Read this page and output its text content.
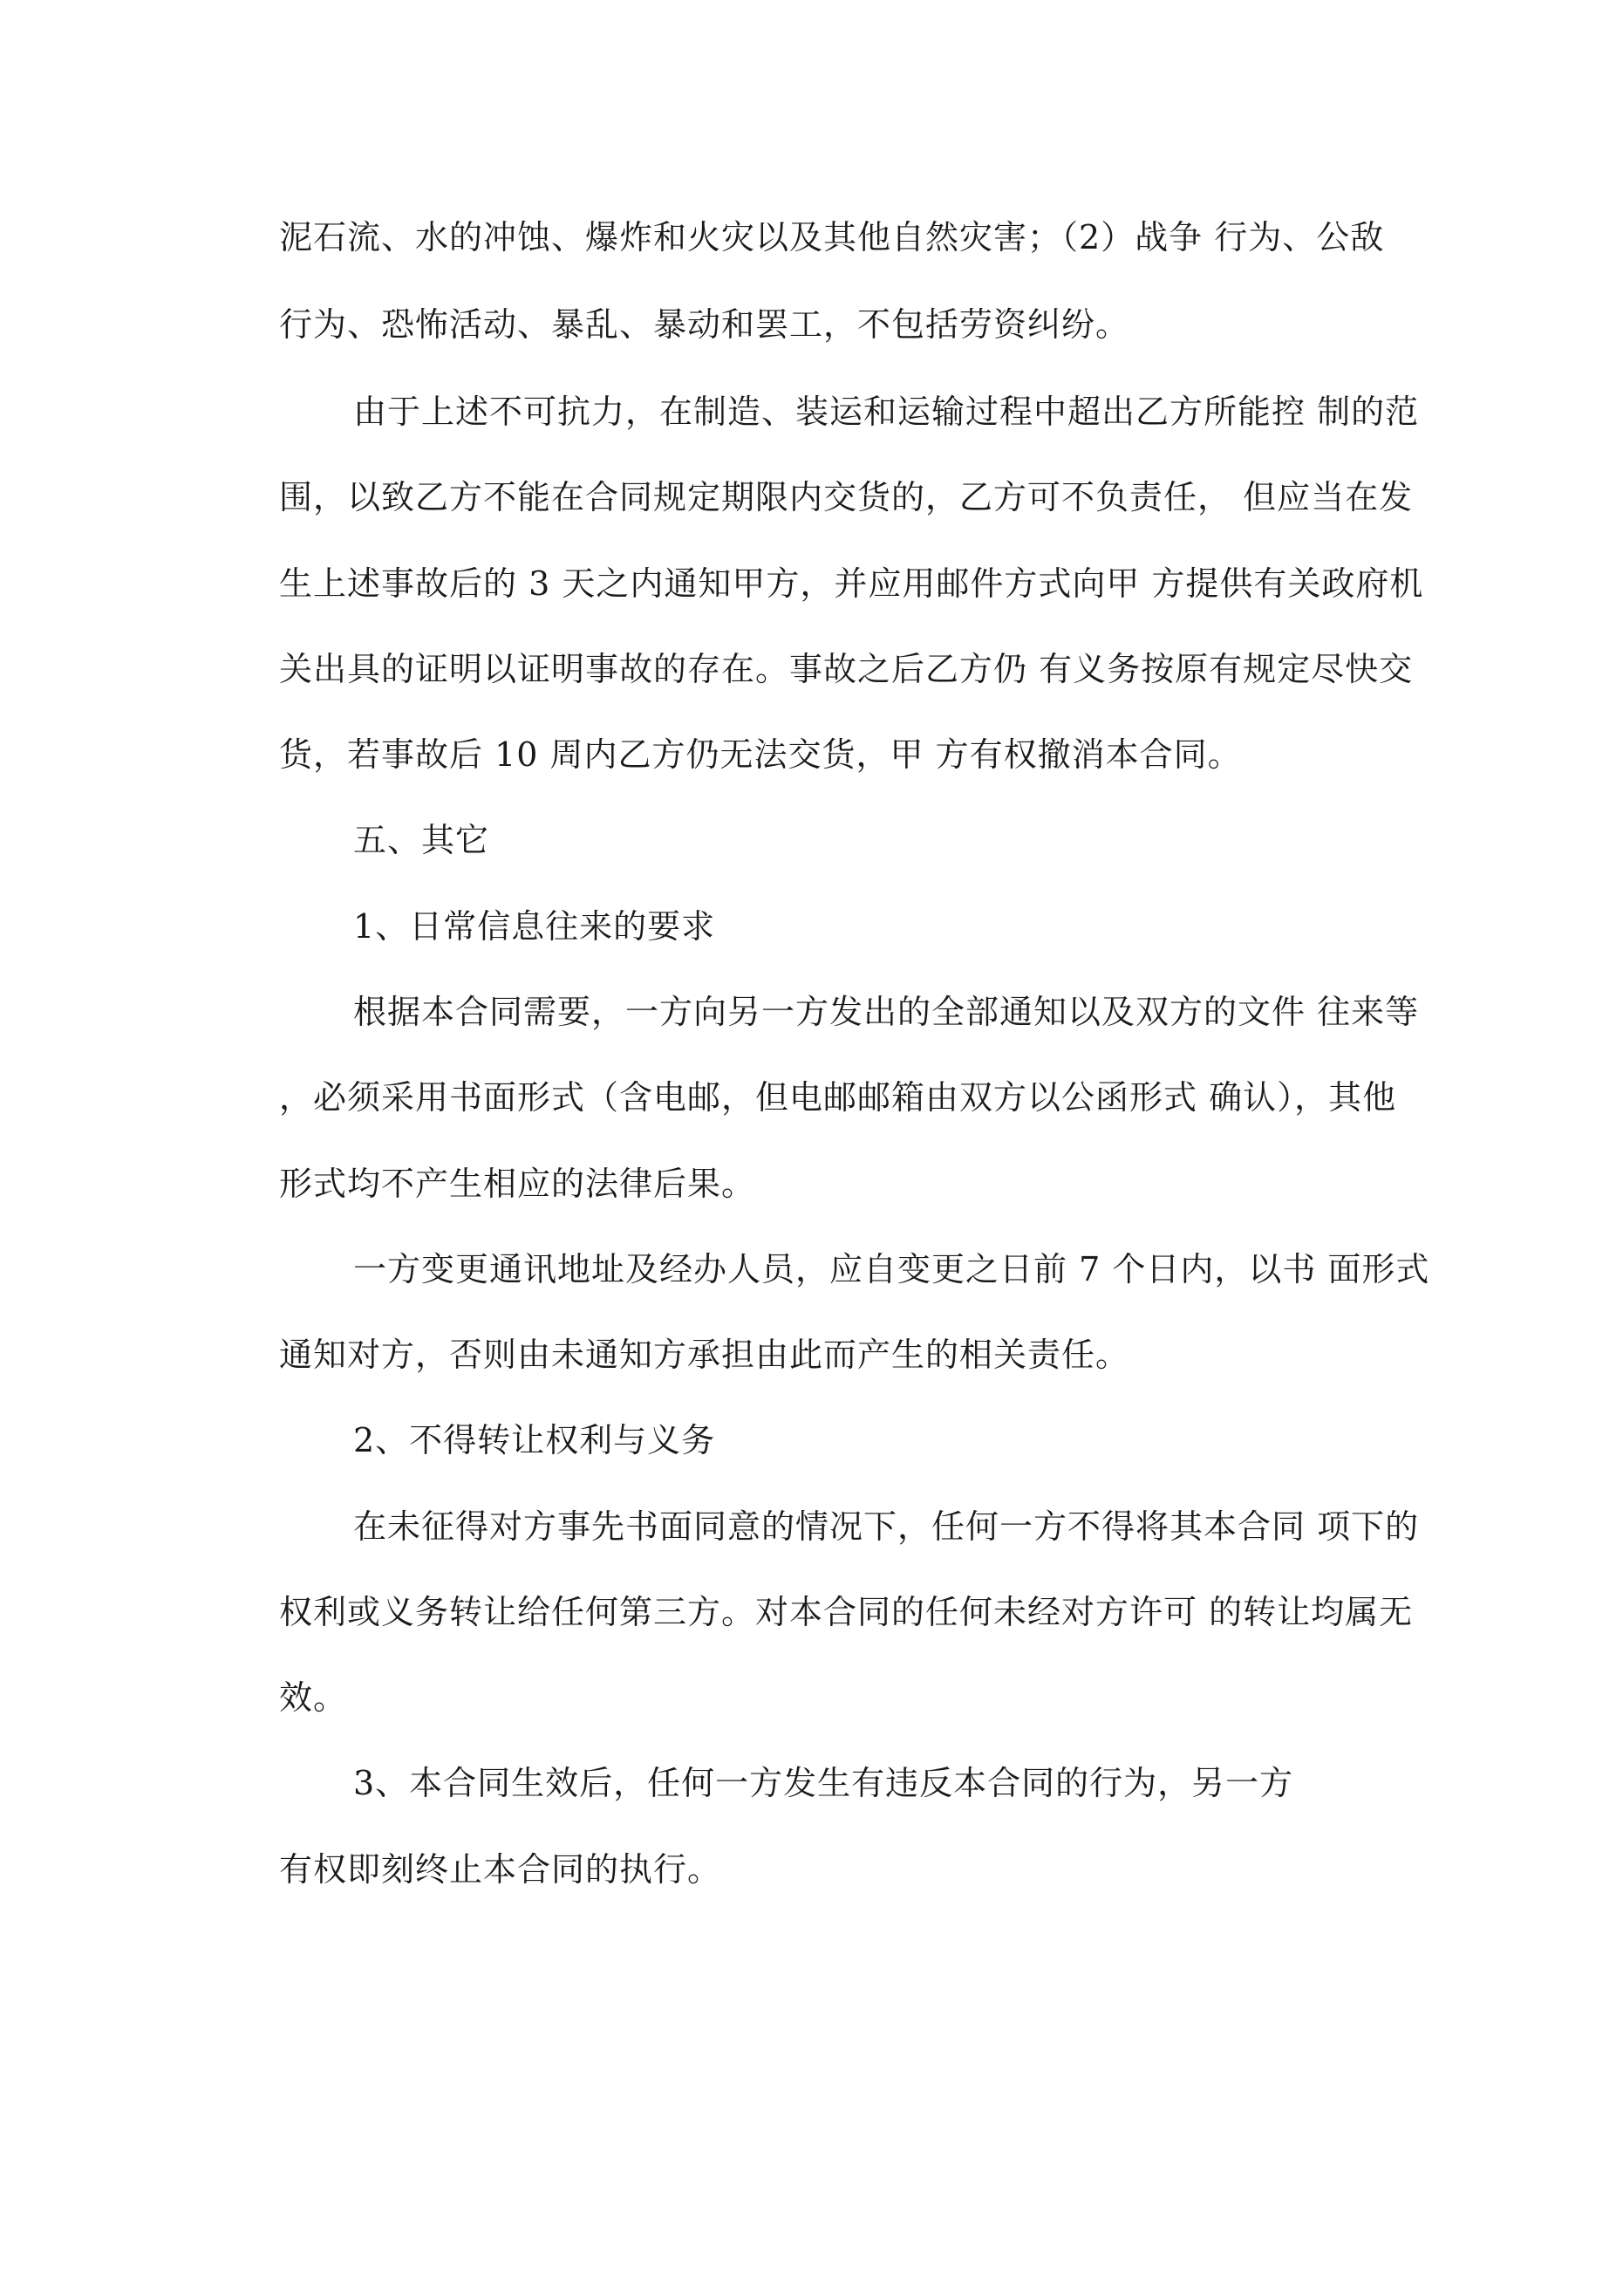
泥石流、水的冲蚀、爆炸和火灾以及其他自然灾害；（2）战争 行为、公敌
行为、恐怖活动、暴乱、暴动和罢工，不包括劳资纠纷。
由于上述不可抗力，在制造、装运和运输过程中超出乙方所能控 制的范
围，以致乙方不能在合同规定期限内交货的，乙方可不负责任， 但应当在发
生上述事故后的 3 天之内通知甲方，并应用邮件方式向甲 方提供有关政府机
关出具的证明以证明事故的存在。事故之后乙方仍 有义务按原有规定尽快交
货，若事故后 10 周内乙方仍无法交货，甲 方有权撤消本合同。
五、其它
1、日常信息往来的要求
根据本合同需要，一方向另一方发出的全部通知以及双方的文件 往来等
，必须采用书面形式（含电邮，但电邮邮箱由双方以公函形式 确认），其他
形式均不产生相应的法律后果。
一方变更通讯地址及经办人员，应自变更之日前 7 个日内，以书 面形式
通知对方，否则由未通知方承担由此而产生的相关责任。
2、不得转让权利与义务
在未征得对方事先书面同意的情况下，任何一方不得将其本合同 项下的
权利或义务转让给任何第三方。对本合同的任何未经对方许可 的转让均属无
效。
3、本合同生效后，任何一方发生有违反本合同的行为，另一方
有权即刻终止本合同的执行。
